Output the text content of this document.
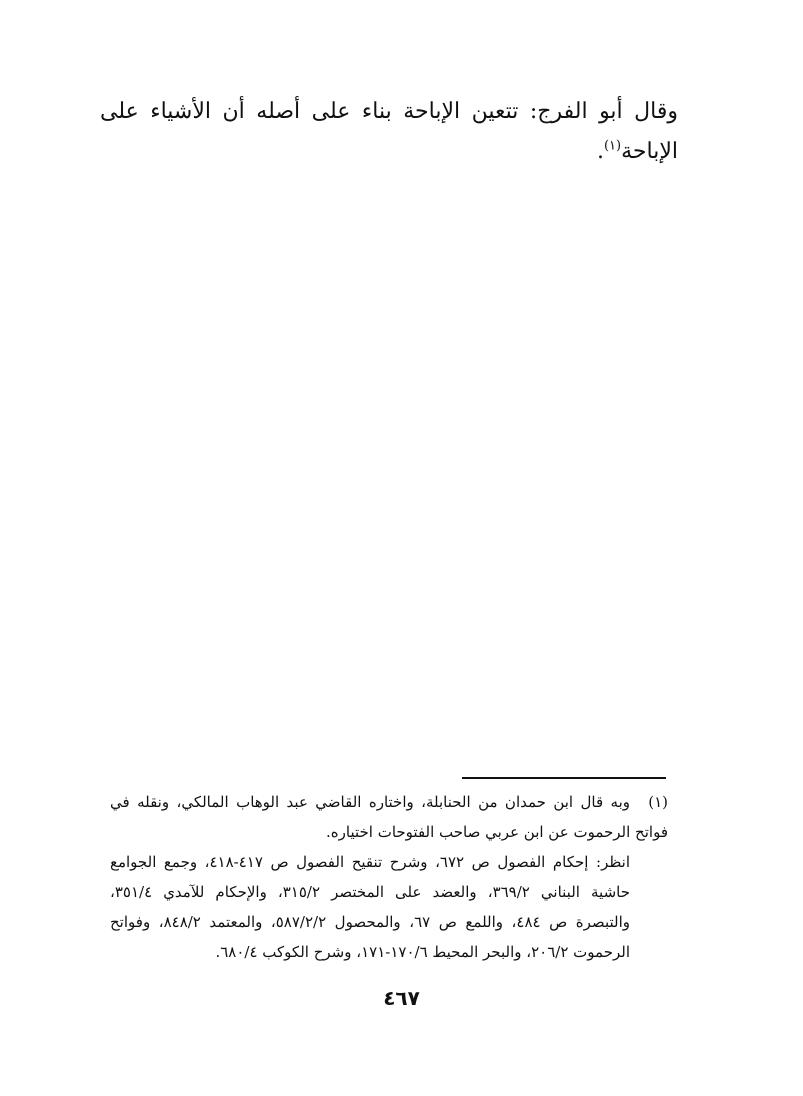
وقال أبو الفرج: تتعين الإباحة بناء على أصله أن الأشياء على الإباحة$^{(١)}$.

(١)وبه قال ابن حمدان من الحنابلة، واختاره القاضي عبد الوهاب المالكي، ونقله في فواتح الرحموت عن ابن عربي صاحب الفتوحات اختياره.

انظر: إحكام الفصول ص ٦٧٢، وشرح تنقيح الفصول ص ٤١٧-٤١٨، وجمع الجوامع حاشية البناني ٣٦٩/٢، والعضد على المختصر ٣١٥/٢، والإحكام للآمدي ٣٥١/٤، والتبصرة ص ٤٨٤، واللمع ص ٦٧، والمحصول ٥٨٧/٢/٢، والمعتمد ٨٤٨/٢، وفواتح الرحموت ٢٠٦/٢، والبحر المحيط ١٧٠/٦-١٧١، وشرح الكوكب ٦٨٠/٤.

٤٦٧
